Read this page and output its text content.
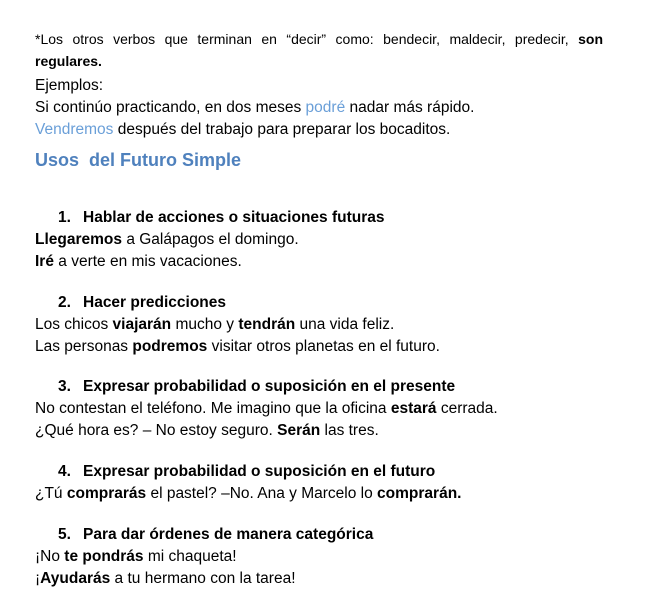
*Los otros verbos que terminan en “decir” como: bendecir, maldecir, predecir, son regulares.

Ejemplos:

Si continúo practicando, en dos meses podré nadar más rápido.

Vendremos después del trabajo para preparar los bocaditos.

Usos  del Futuro Simple
1. Hablar de acciones o situaciones futuras

Llegaremos a Galápagos el domingo.

Iré a verte en mis vacaciones.

2. Hacer predicciones

Los chicos viajarán mucho y tendrán una vida feliz.

Las personas podremos visitar otros planetas en el futuro.

3. Expresar probabilidad o suposición en el presente

No contestan el teléfono. Me imagino que la oficina estará cerrada.

¿Qué hora es? – No estoy seguro. Serán las tres.

4. Expresar probabilidad o suposición en el futuro

¿Tú comprarás el pastel? –No. Ana y Marcelo lo comprarán.

5. Para dar órdenes de manera categórica

¡No te pondrás mi chaqueta!

¡Ayudarás a tu hermano con la tarea!
